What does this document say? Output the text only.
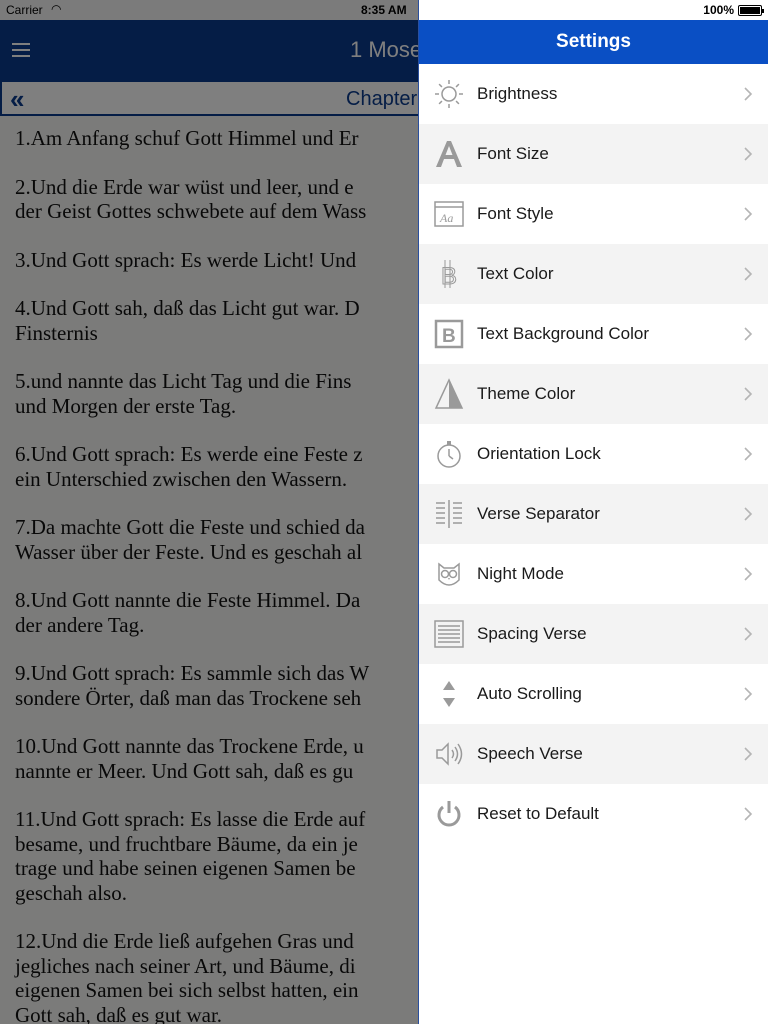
100%
Settings
Brightness
Font Size
Aa Font Style
B Text Color
B Text Background Color
Theme Color
Orientation Lock
Verse Separator
Night Mode
Spacing Verse
Auto Scrolling
Speech Verse
Reset to Default
